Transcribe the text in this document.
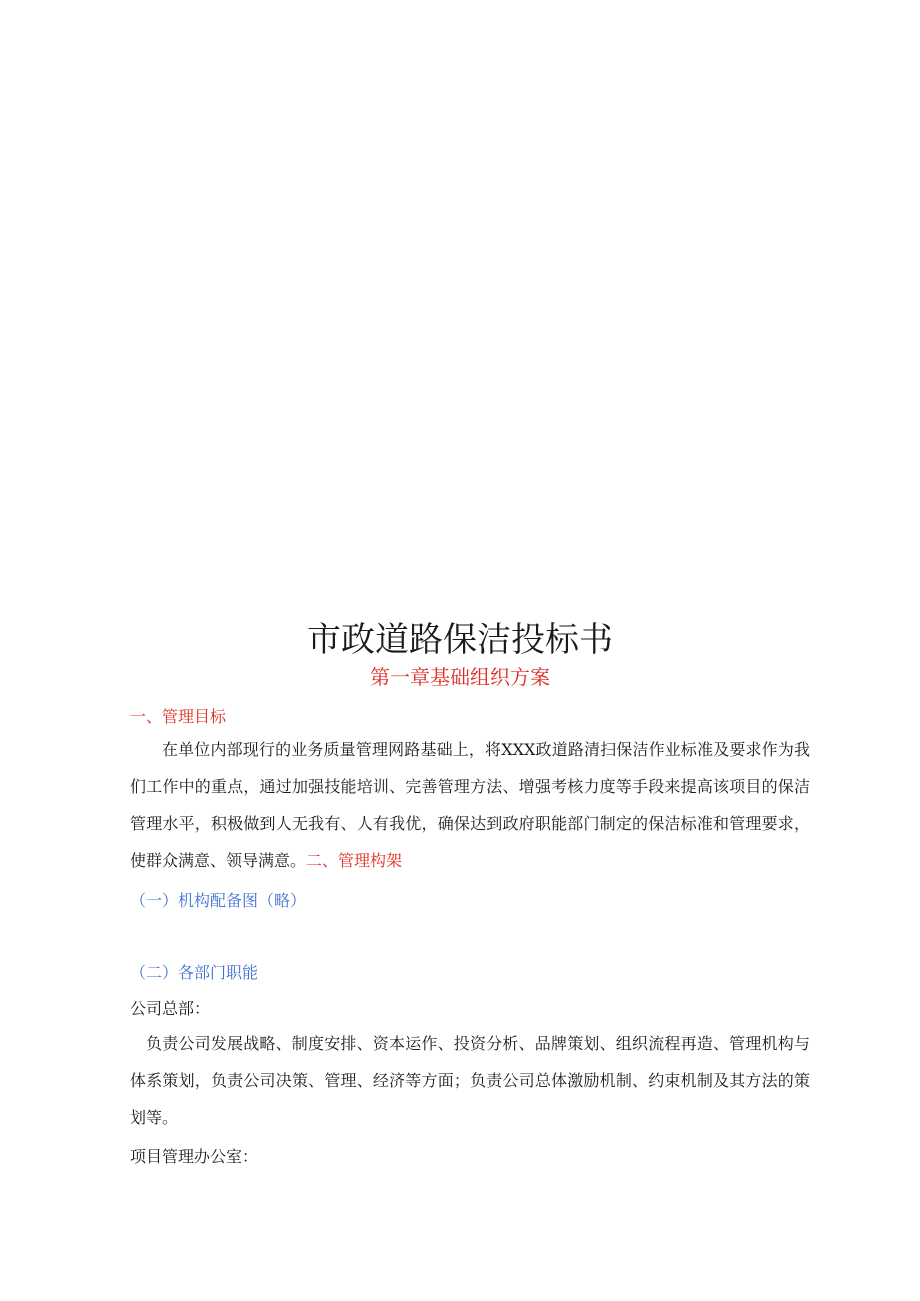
市政道路保洁投标书
第一章基础组织方案
一、管理目标
在单位内部现行的业务质量管理网路基础上，将XXX政道路清扫保洁作业标准及要求作为我们工作中的重点，通过加强技能培训、完善管理方法、增强考核力度等手段来提高该项目的保洁管理水平，积极做到人无我有、人有我优，确保达到政府职能部门制定的保洁标准和管理要求，使群众满意、领导满意。二、管理构架
（一）机构配备图（略）
（二）各部门职能
公司总部：
负责公司发展战略、制度安排、资本运作、投资分析、品牌策划、组织流程再造、管理机构与体系策划，负责公司决策、管理、经济等方面；负责公司总体激励机制、约束机制及其方法的策划等。
项目管理办公室：
